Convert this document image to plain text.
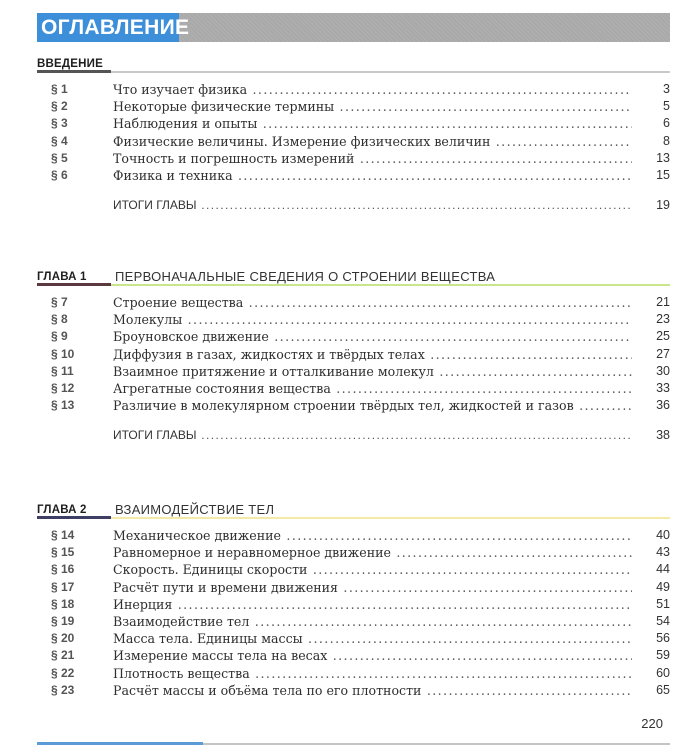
ОГЛАВЛЕНИЕ
ВВЕДЕНИЕ
§ 1	Что изучает физика .....	3
§ 2	Некоторые физические термины .....	5
§ 3	Наблюдения и опыты .....	6
§ 4	Физические величины. Измерение физических величин .....	8
§ 5	Точность и погрешность измерений .....	13
§ 6	Физика и техника .....	15
ИТОГИ ГЛАВЫ .....	19
ГЛАВА 1 ПЕРВОНАЧАЛЬНЫЕ СВЕДЕНИЯ О СТРОЕНИИ ВЕЩЕСТВА
§ 7	Строение вещества .....	21
§ 8	Молекулы .....	23
§ 9	Броуновское движение .....	25
§ 10	Диффузия в газах, жидкостях и твёрдых телах .....	27
§ 11	Взаимное притяжение и отталкивание молекул .....	30
§ 12	Агрегатные состояния вещества .....	33
§ 13	Различие в молекулярном строении твёрдых тел, жидкостей и газов .....	36
ИТОГИ ГЛАВЫ .....	38
ГЛАВА 2 ВЗАИМОДЕЙСТВИЕ ТЕЛ
§ 14	Механическое движение .....	40
§ 15	Равномерное и неравномерное движение .....	43
§ 16	Скорость. Единицы скорости .....	44
§ 17	Расчёт пути и времени движения .....	49
§ 18	Инерция .....	51
§ 19	Взаимодействие тел .....	54
§ 20	Масса тела. Единицы массы .....	56
§ 21	Измерение массы тела на весах .....	59
§ 22	Плотность вещества .....	60
§ 23	Расчёт массы и объёма тела по его плотности .....	65
220
